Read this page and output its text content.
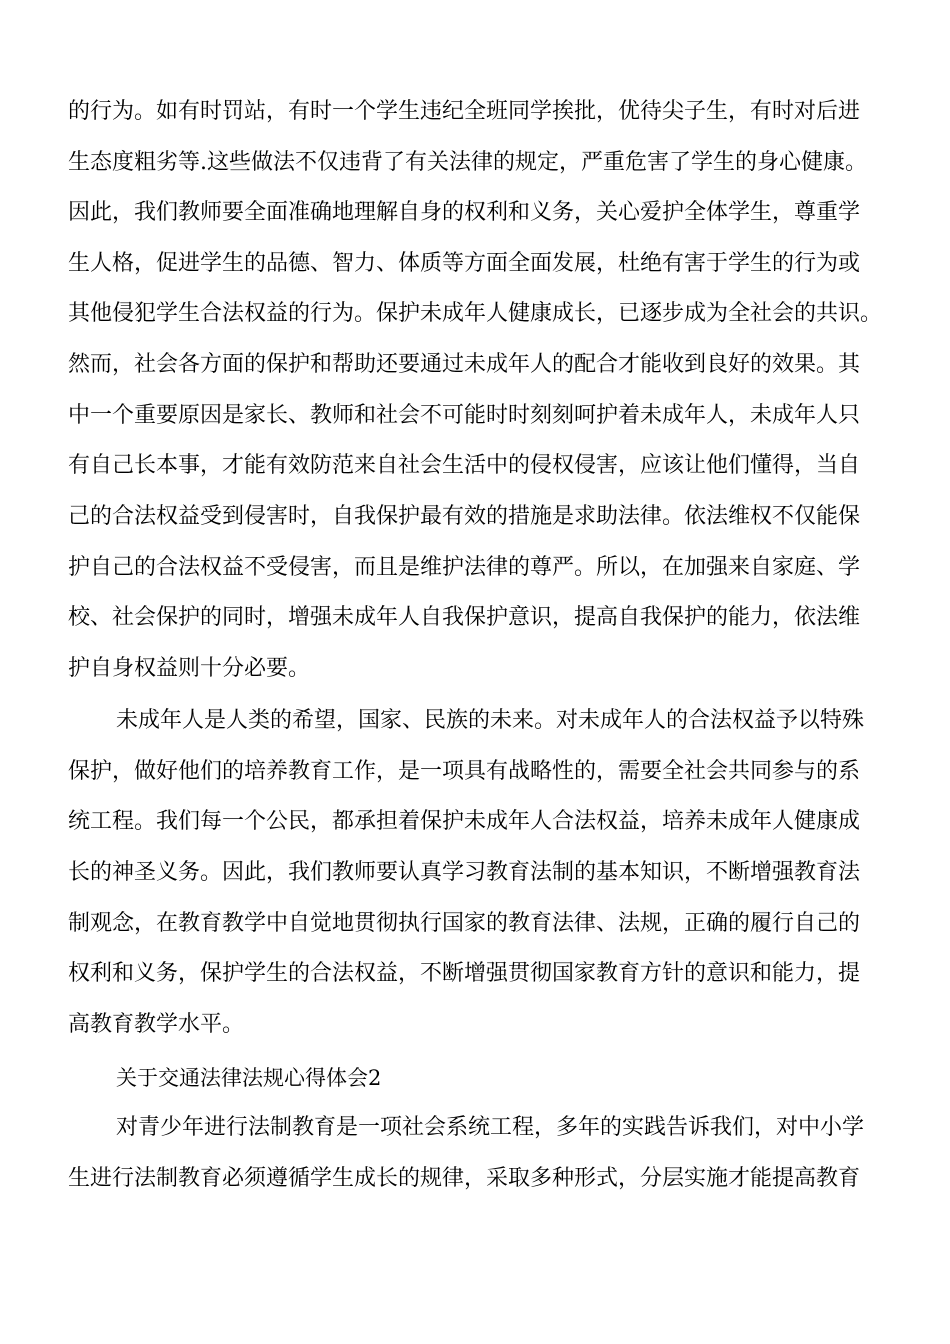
的行为。如有时罚站，有时一个学生违纪全班同学挨批，优待尖子生，有时对后进
生态度粗劣等.这些做法不仅违背了有关法律的规定，严重危害了学生的身心健康。
因此，我们教师要全面准确地理解自身的权利和义务，关心爱护全体学生，尊重学
生人格，促进学生的品德、智力、体质等方面全面发展，杜绝有害于学生的行为或
其他侵犯学生合法权益的行为。保护未成年人健康成长，已逐步成为全社会的共识。
然而，社会各方面的保护和帮助还要通过未成年人的配合才能收到良好的效果。其
中一个重要原因是家长、教师和社会不可能时时刻刻呵护着未成年人，未成年人只
有自己长本事，才能有效防范来自社会生活中的侵权侵害，应该让他们懂得，当自
己的合法权益受到侵害时，自我保护最有效的措施是求助法律。依法维权不仅能保
护自己的合法权益不受侵害，而且是维护法律的尊严。所以，在加强来自家庭、学
校、社会保护的同时，增强未成年人自我保护意识，提高自我保护的能力，依法维
护自身权益则十分必要。
未成年人是人类的希望，国家、民族的未来。对未成年人的合法权益予以特殊
保护，做好他们的培养教育工作，是一项具有战略性的，需要全社会共同参与的系
统工程。我们每一个公民，都承担着保护未成年人合法权益，培养未成年人健康成
长的神圣义务。因此，我们教师要认真学习教育法制的基本知识，不断增强教育法
制观念，在教育教学中自觉地贯彻执行国家的教育法律、法规，正确的履行自己的
权利和义务，保护学生的合法权益，不断增强贯彻国家教育方针的意识和能力，提
高教育教学水平。
关于交通法律法规心得体会2
对青少年进行法制教育是一项社会系统工程，多年的实践告诉我们，对中小学
生进行法制教育必须遵循学生成长的规律，采取多种形式，分层实施才能提高教育
